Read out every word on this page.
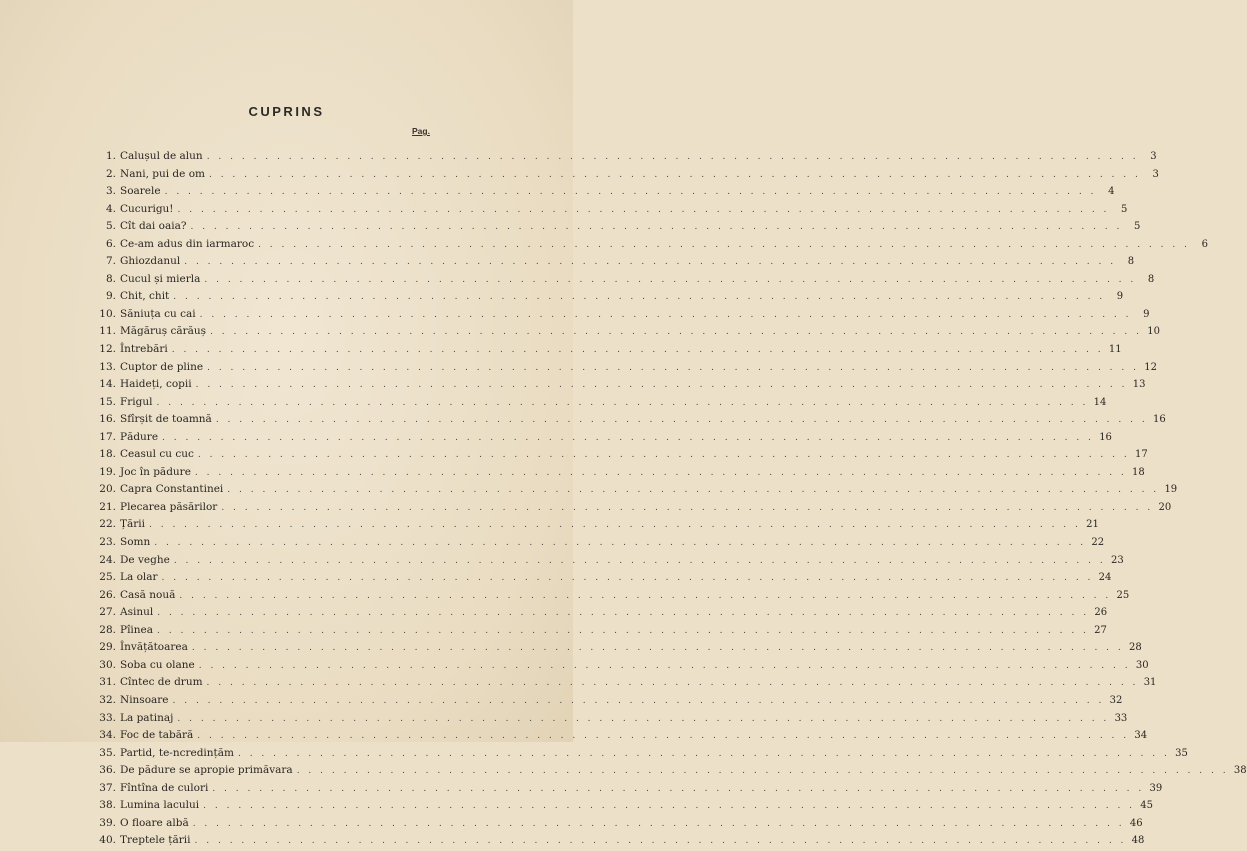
CUPRINS
Pag.
1. Calușul de alun . . . . . . . . . . . . . . . . . . . . . . . . . . . . . . . . . . . . . . . . . . . . . . . . . . . . . . . . . . . . . . . . . . . . . . . . . . . . . . . .	3
2. Nani, pui de om . . . . . . . . . . . . . . . . . . . . . . . . . . . . . . . . . . . . . . . . . . . . . . . . . . . . . . . . . . . . . . . . . . . . . . . . . . . . . . . .	3
3. Soarele . . . . . . . . . . . . . . . . . . . . . . . . . . . . . . . . . . . . . . . . . . . . . . . . . . . . . . . . . . . . . . . . . . . . . . . . . . . . . . . .	4
4. Cucurigu! . . . . . . . . . . . . . . . . . . . . . . . . . . . . . . . . . . . . . . . . . . . . . . . . . . . . . . . . . . . . . . . . . . . . . . . . . . . . . . . .	5
5. Cît dai oaia? . . . . . . . . . . . . . . . . . . . . . . . . . . . . . . . . . . . . . . . . . . . . . . . . . . . . . . . . . . . . . . . . . . . . . . . . . . . . . . . .	5
6. Ce-am adus din iarmaroc . . . . . . . . . . . . . . . . . . . . . . . . . . . . . . . . . . . . . . . . . . . . . . . . . . . . . . . . . . . . . . . . . . . . . . . . . . . . . . . .	6
7. Ghiozdanul . . . . . . . . . . . . . . . . . . . . . . . . . . . . . . . . . . . . . . . . . . . . . . . . . . . . . . . . . . . . . . . . . . . . . . . . . . . . . . . .	8
8. Cucul și mierla . . . . . . . . . . . . . . . . . . . . . . . . . . . . . . . . . . . . . . . . . . . . . . . . . . . . . . . . . . . . . . . . . . . . . . . . . . . . . . . .	8
9. Chit, chit . . . . . . . . . . . . . . . . . . . . . . . . . . . . . . . . . . . . . . . . . . . . . . . . . . . . . . . . . . . . . . . . . . . . . . . . . . . . . . . .	9
10. Săniuța cu cai . . . . . . . . . . . . . . . . . . . . . . . . . . . . . . . . . . . . . . . . . . . . . . . . . . . . . . . . . . . . . . . . . . . . . . . . . . . . . . . .	9
11. Măgăruș cărăuș . . . . . . . . . . . . . . . . . . . . . . . . . . . . . . . . . . . . . . . . . . . . . . . . . . . . . . . . . . . . . . . . . . . . . . . . . . . . . . . . 10
12. Întrebări . . . . . . . . . . . . . . . . . . . . . . . . . . . . . . . . . . . . . . . . . . . . . . . . . . . . . . . . . . . . . . . . . . . . . . . . . . . . . . . . 11
13. Cuptor de pline . . . . . . . . . . . . . . . . . . . . . . . . . . . . . . . . . . . . . . . . . . . . . . . . . . . . . . . . . . . . . . . . . . . . . . . . . . . . . . . . 12
14. Haideți, copii . . . . . . . . . . . . . . . . . . . . . . . . . . . . . . . . . . . . . . . . . . . . . . . . . . . . . . . . . . . . . . . . . . . . . . . . . . . . . . . . 13
15. Frigul . . . . . . . . . . . . . . . . . . . . . . . . . . . . . . . . . . . . . . . . . . . . . . . . . . . . . . . . . . . . . . . . . . . . . . . . . . . . . . . . 14
16. Sfîrșit de toamnă . . . . . . . . . . . . . . . . . . . . . . . . . . . . . . . . . . . . . . . . . . . . . . . . . . . . . . . . . . . . . . . . . . . . . . . . . . . . . . . . 16
17. Pădure . . . . . . . . . . . . . . . . . . . . . . . . . . . . . . . . . . . . . . . . . . . . . . . . . . . . . . . . . . . . . . . . . . . . . . . . . . . . . . . . 16
18. Ceasul cu cuc . . . . . . . . . . . . . . . . . . . . . . . . . . . . . . . . . . . . . . . . . . . . . . . . . . . . . . . . . . . . . . . . . . . . . . . . . . . . . . . . 17
19. Joc în pădure . . . . . . . . . . . . . . . . . . . . . . . . . . . . . . . . . . . . . . . . . . . . . . . . . . . . . . . . . . . . . . . . . . . . . . . . . . . . . . . . 18
20. Capra Constantinei . . . . . . . . . . . . . . . . . . . . . . . . . . . . . . . . . . . . . . . . . . . . . . . . . . . . . . . . . . . . . . . . . . . . . . . . . . . . . . . . 19
21. Plecarea păsărilor . . . . . . . . . . . . . . . . . . . . . . . . . . . . . . . . . . . . . . . . . . . . . . . . . . . . . . . . . . . . . . . . . . . . . . . . . . . . . . . . 20
22. Țării . . . . . . . . . . . . . . . . . . . . . . . . . . . . . . . . . . . . . . . . . . . . . . . . . . . . . . . . . . . . . . . . . . . . . . . . . . . . . . . . 21
23. Somn . . . . . . . . . . . . . . . . . . . . . . . . . . . . . . . . . . . . . . . . . . . . . . . . . . . . . . . . . . . . . . . . . . . . . . . . . . . . . . . . 22
24. De veghe . . . . . . . . . . . . . . . . . . . . . . . . . . . . . . . . . . . . . . . . . . . . . . . . . . . . . . . . . . . . . . . . . . . . . . . . . . . . . . . . 23
25. La olar . . . . . . . . . . . . . . . . . . . . . . . . . . . . . . . . . . . . . . . . . . . . . . . . . . . . . . . . . . . . . . . . . . . . . . . . . . . . . . . . 24
26. Casă nouă . . . . . . . . . . . . . . . . . . . . . . . . . . . . . . . . . . . . . . . . . . . . . . . . . . . . . . . . . . . . . . . . . . . . . . . . . . . . . . . . 25
27. Asinul . . . . . . . . . . . . . . . . . . . . . . . . . . . . . . . . . . . . . . . . . . . . . . . . . . . . . . . . . . . . . . . . . . . . . . . . . . . . . . . . 26
28. Pîinea . . . . . . . . . . . . . . . . . . . . . . . . . . . . . . . . . . . . . . . . . . . . . . . . . . . . . . . . . . . . . . . . . . . . . . . . . . . . . . . . 27
29. Învățătoarea . . . . . . . . . . . . . . . . . . . . . . . . . . . . . . . . . . . . . . . . . . . . . . . . . . . . . . . . . . . . . . . . . . . . . . . . . . . . . . . . 28
30. Soba cu olane . . . . . . . . . . . . . . . . . . . . . . . . . . . . . . . . . . . . . . . . . . . . . . . . . . . . . . . . . . . . . . . . . . . . . . . . . . . . . . . . 30
31. Cîntec de drum . . . . . . . . . . . . . . . . . . . . . . . . . . . . . . . . . . . . . . . . . . . . . . . . . . . . . . . . . . . . . . . . . . . . . . . . . . . . . . . . 31
32. Ninsoare . . . . . . . . . . . . . . . . . . . . . . . . . . . . . . . . . . . . . . . . . . . . . . . . . . . . . . . . . . . . . . . . . . . . . . . . . . . . . . . . 32
33. La patinaj . . . . . . . . . . . . . . . . . . . . . . . . . . . . . . . . . . . . . . . . . . . . . . . . . . . . . . . . . . . . . . . . . . . . . . . . . . . . . . . . 33
34. Foc de tabără . . . . . . . . . . . . . . . . . . . . . . . . . . . . . . . . . . . . . . . . . . . . . . . . . . . . . . . . . . . . . . . . . . . . . . . . . . . . . . . . 34
35. Partid, te-ncredințăm . . . . . . . . . . . . . . . . . . . . . . . . . . . . . . . . . . . . . . . . . . . . . . . . . . . . . . . . . . . . . . . . . . . . . . . . . . . . . . . . 35
36. De pădure se apropie primăvara . . . . . . . . . . . . . . . . . . . . . . . . . . . . . . . . . . . . . . . . . . . . . . . . . . . . . . . . . . . . . . . . . . . . . . . . . . . . . . . . 38
37. Fîntîna de culori . . . . . . . . . . . . . . . . . . . . . . . . . . . . . . . . . . . . . . . . . . . . . . . . . . . . . . . . . . . . . . . . . . . . . . . . . . . . . . . . 39
38. Lumina lacului . . . . . . . . . . . . . . . . . . . . . . . . . . . . . . . . . . . . . . . . . . . . . . . . . . . . . . . . . . . . . . . . . . . . . . . . . . . . . . . . 45
39. O floare albă . . . . . . . . . . . . . . . . . . . . . . . . . . . . . . . . . . . . . . . . . . . . . . . . . . . . . . . . . . . . . . . . . . . . . . . . . . . . . . . . 46
40. Treptele țării . . . . . . . . . . . . . . . . . . . . . . . . . . . . . . . . . . . . . . . . . . . . . . . . . . . . . . . . . . . . . . . . . . . . . . . . . . . . . . . . 48
